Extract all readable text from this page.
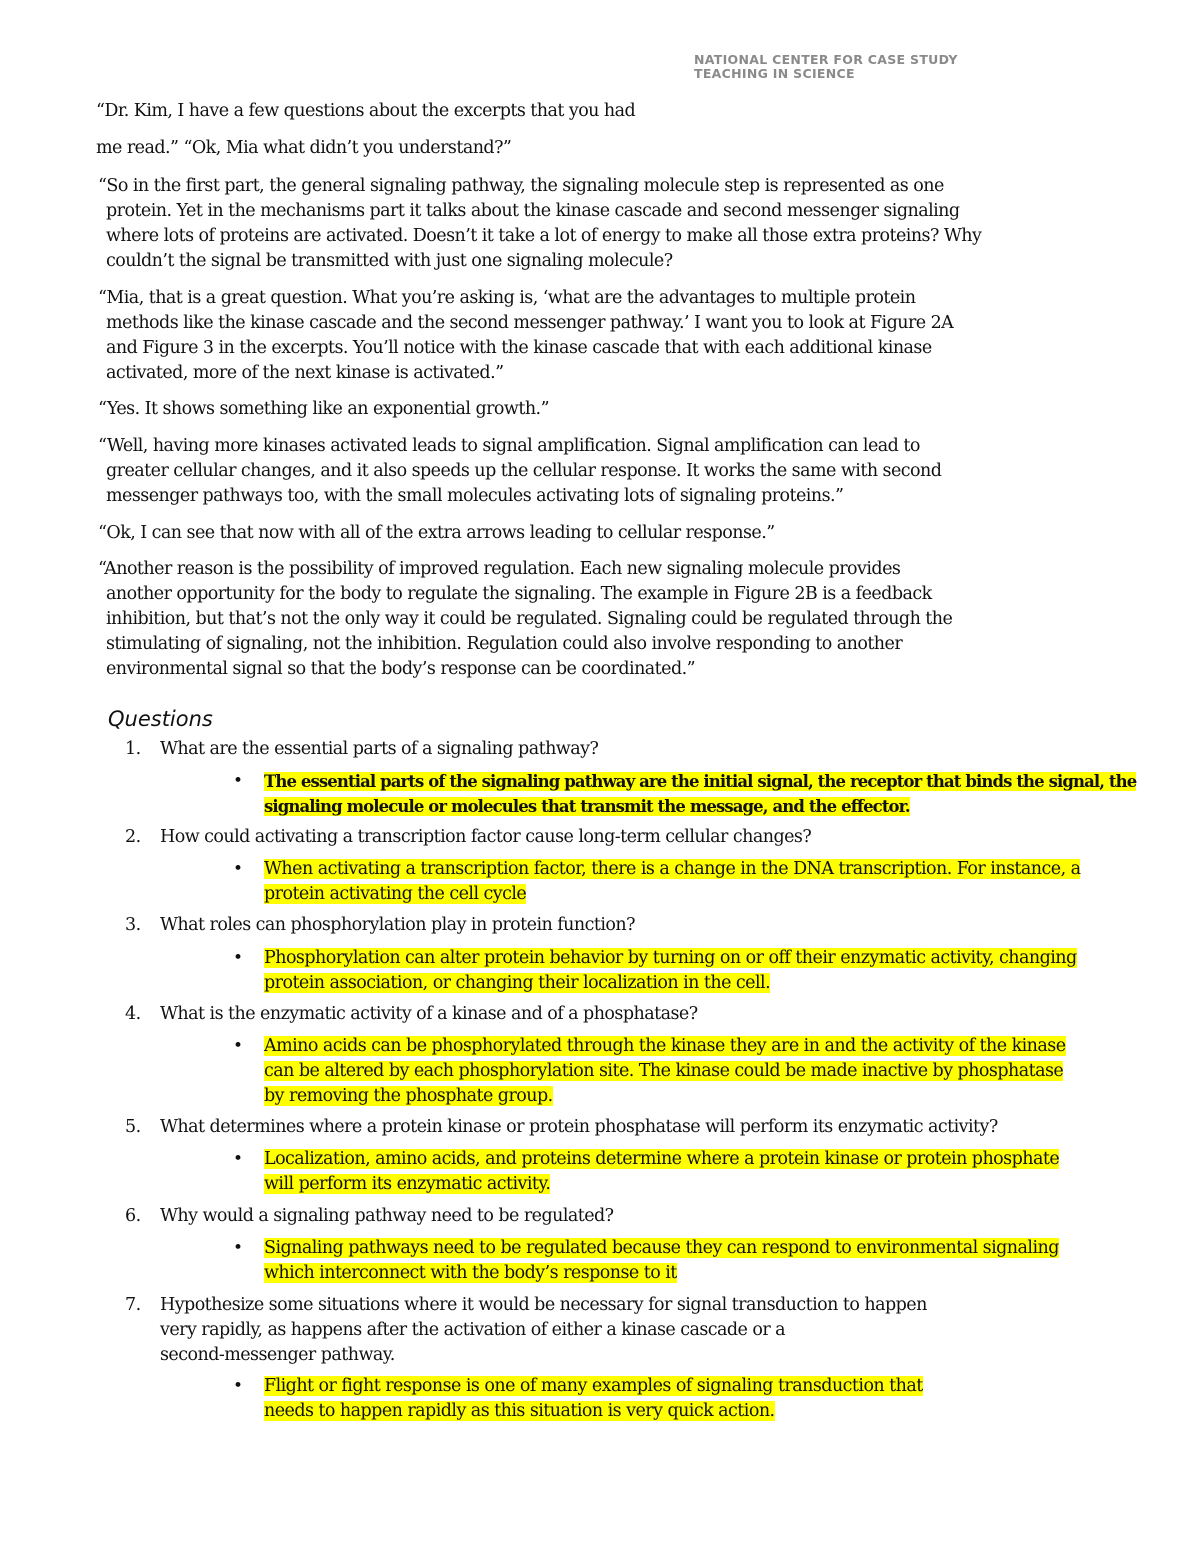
NATIONAL CENTER FOR CASE STUDY
TEACHING IN SCIENCE
“Dr. Kim, I have a few questions about the excerpts that you had
me read.” “Ok, Mia what didn’t you understand?”
“So in the first part, the general signaling pathway, the signaling molecule step is represented as one
protein. Yet in the mechanisms part it talks about the kinase cascade and second messenger signaling
where lots of proteins are activated. Doesn’t it take a lot of energy to make all those extra proteins? Why
couldn’t the signal be transmitted with just one signaling molecule?
“Mia, that is a great question. What you’re asking is, ‘what are the advantages to multiple protein
methods like the kinase cascade and the second messenger pathway.’ I want you to look at Figure 2A
and Figure 3 in the excerpts. You’ll notice with the kinase cascade that with each additional kinase
activated, more of the next kinase is activated.”
“Yes. It shows something like an exponential growth.”
“Well, having more kinases activated leads to signal amplification. Signal amplification can lead to
greater cellular changes, and it also speeds up the cellular response. It works the same with second
messenger pathways too, with the small molecules activating lots of signaling proteins.”
“Ok, I can see that now with all of the extra arrows leading to cellular response.”
“Another reason is the possibility of improved regulation. Each new signaling molecule provides
another opportunity for the body to regulate the signaling. The example in Figure 2B is a feedback
inhibition, but that’s not the only way it could be regulated. Signaling could be regulated through the
stimulating of signaling, not the inhibition. Regulation could also involve responding to another
environmental signal so that the body’s response can be coordinated.”
Questions
1. What are the essential parts of a signaling pathway?
• The essential parts of the signaling pathway are the initial signal, the receptor that binds the signal, the
signaling molecule or molecules that transmit the message, and the effector.
2. How could activating a transcription factor cause long-term cellular changes?
• When activating a transcription factor, there is a change in the DNA transcription. For instance, a
protein activating the cell cycle
3. What roles can phosphorylation play in protein function?
• Phosphorylation can alter protein behavior by turning on or off their enzymatic activity, changing
protein association, or changing their localization in the cell.
4. What is the enzymatic activity of a kinase and of a phosphatase?
• Amino acids can be phosphorylated through the kinase they are in and the activity of the kinase
can be altered by each phosphorylation site. The kinase could be made inactive by phosphatase
by removing the phosphate group.
5. What determines where a protein kinase or protein phosphatase will perform its enzymatic activity?
• Localization, amino acids, and proteins determine where a protein kinase or protein phosphate
will perform its enzymatic activity.
6. Why would a signaling pathway need to be regulated?
• Signaling pathways need to be regulated because they can respond to environmental signaling
which interconnect with the body’s response to it
7. Hypothesize some situations where it would be necessary for signal transduction to happen
very rapidly, as happens after the activation of either a kinase cascade or a
second-messenger pathway.
• Flight or fight response is one of many examples of signaling transduction that
needs to happen rapidly as this situation is very quick action.
